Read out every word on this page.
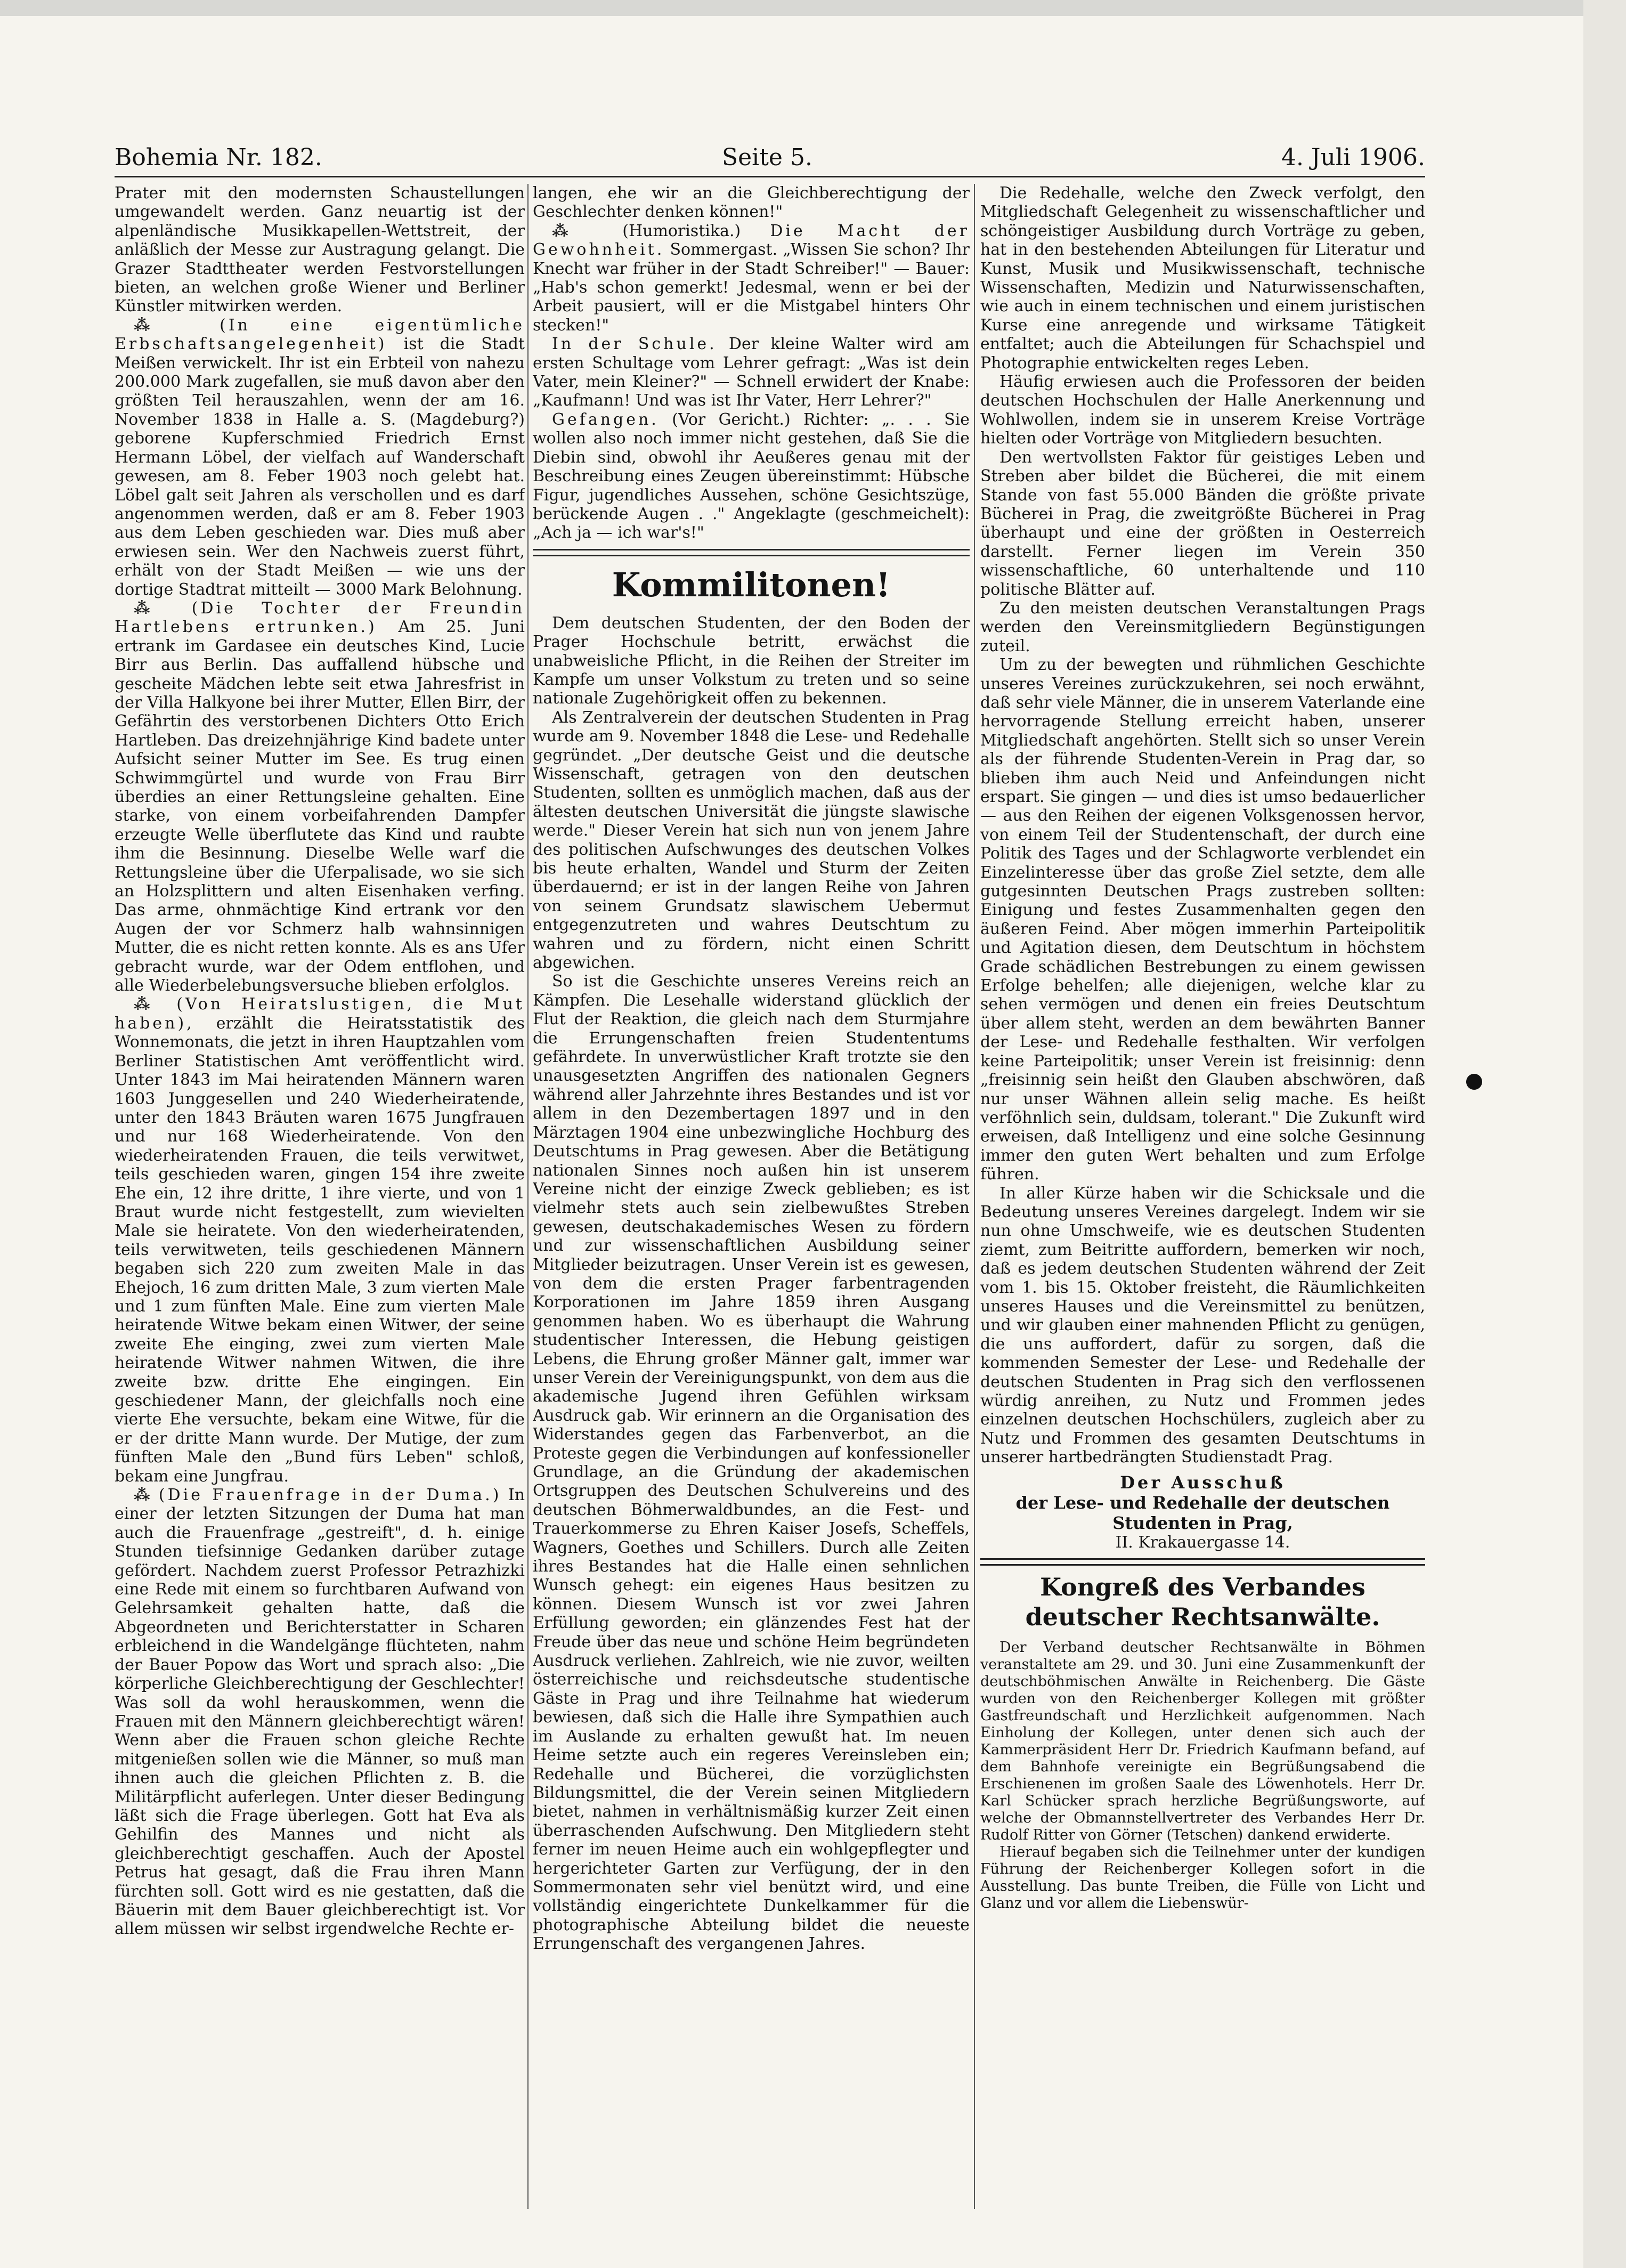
Bohemia Nr. 182.	Seite 5.	4. Juli 1906.

Prater mit den modernsten Schaustellungen umgewandelt werden. Ganz neuartig ist der alpenländische Musikkapellen-Wettstreit, der anläßlich der Messe zur Austragung gelangt. Die Grazer Stadttheater werden Festvorstellungen bieten, an welchen große Wiener und Berliner Künstler mitwirken werden.

⁂ (In eine eigentümliche Erbschaftsangelegenheit) ist die Stadt Meißen verwickelt. Ihr ist ein Erbteil von nahezu 200.000 Mark zugefallen, sie muß davon aber den größten Teil herauszahlen, wenn der am 16. November 1838 in Halle a. S. (Magdeburg?) geborene Kupferschmied Friedrich Ernst Hermann Löbel, der vielfach auf Wanderschaft gewesen, am 8. Feber 1903 noch gelebt hat. Löbel galt seit Jahren als verschollen und es darf angenommen werden, daß er am 8. Feber 1903 aus dem Leben geschieden war. Dies muß aber erwiesen sein. Wer den Nachweis zuerst führt, erhält von der Stadt Meißen — wie uns der dortige Stadtrat mitteilt — 3000 Mark Belohnung.

⁂ (Die Tochter der Freundin Hartlebens ertrunken.) Am 25. Juni ertrank im Gardasee ein deutsches Kind, Lucie Birr aus Berlin. Das auffallend hübsche und gescheite Mädchen lebte seit etwa Jahresfrist in der Villa Halkyone bei ihrer Mutter, Ellen Birr, der Gefährtin des verstorbenen Dichters Otto Erich Hartleben. Das dreizehnjährige Kind badete unter Aufsicht seiner Mutter im See. Es trug einen Schwimmgürtel und wurde von Frau Birr überdies an einer Rettungsleine gehalten. Eine starke, von einem vorbeifahrenden Dampfer erzeugte Welle überflutete das Kind und raubte ihm die Besinnung. Dieselbe Welle warf die Rettungsleine über die Uferpalisade, wo sie sich an Holzsplittern und alten Eisenhaken verfing. Das arme, ohnmächtige Kind ertrank vor den Augen der vor Schmerz halb wahnsinnigen Mutter, die es nicht retten konnte. Als es ans Ufer gebracht wurde, war der Odem entflohen, und alle Wiederbelebungsversuche blieben erfolglos.

⁂ (Von Heiratslustigen, die Mut haben), erzählt die Heiratsstatistik des Wonnemonats, die jetzt in ihren Hauptzahlen vom Berliner Statistischen Amt veröffentlicht wird. Unter 1843 im Mai heiratenden Männern waren 1603 Junggesellen und 240 Wiederheiratende, unter den 1843 Bräuten waren 1675 Jungfrauen und nur 168 Wiederheiratende. Von den wiederheiratenden Frauen, die teils verwitwet, teils geschieden waren, gingen 154 ihre zweite Ehe ein, 12 ihre dritte, 1 ihre vierte, und von 1 Braut wurde nicht festgestellt, zum wievielten Male sie heiratete. Von den wiederheiratenden, teils verwitweten, teils geschiedenen Männern begaben sich 220 zum zweiten Male in das Ehejoch, 16 zum dritten Male, 3 zum vierten Male und 1 zum fünften Male. Eine zum vierten Male heiratende Witwe bekam einen Witwer, der seine zweite Ehe einging, zwei zum vierten Male heiratende Witwer nahmen Witwen, die ihre zweite bzw. dritte Ehe eingingen. Ein geschiedener Mann, der gleichfalls noch eine vierte Ehe versuchte, bekam eine Witwe, für die er der dritte Mann wurde. Der Mutige, der zum fünften Male den „Bund fürs Leben" schloß, bekam eine Jungfrau.

⁂ (Die Frauenfrage in der Duma.) In einer der letzten Sitzungen der Duma hat man auch die Frauenfrage „gestreift", d. h. einige Stunden tiefsinnige Gedanken darüber zutage gefördert. Nachdem zuerst Professor Petrazhizki eine Rede mit einem so furchtbaren Aufwand von Gelehrsamkeit gehalten hatte, daß die Abgeordneten und Berichterstatter in Scharen erbleichend in die Wandelgänge flüchteten, nahm der Bauer Popow das Wort und sprach also: „Die körperliche Gleichberechtigung der Geschlechter! Was soll da wohl herauskommen, wenn die Frauen mit den Männern gleichberechtigt wären! Wenn aber die Frauen schon gleiche Rechte mitgenießen sollen wie die Männer, so muß man ihnen auch die gleichen Pflichten z. B. die Militärpflicht auferlegen. Unter dieser Bedingung läßt sich die Frage überlegen. Gott hat Eva als Gehilfin des Mannes und nicht als gleichberechtigt geschaffen. Auch der Apostel Petrus hat gesagt, daß die Frau ihren Mann fürchten soll. Gott wird es nie gestatten, daß die Bäuerin mit dem Bauer gleichberechtigt ist. Vor allem müssen wir selbst irgendwelche Rechte er-

langen, ehe wir an die Gleichberechtigung der Geschlechter denken können!"

⁂ (Humoristika.) Die Macht der Gewohnheit. Sommergast. „Wissen Sie schon? Ihr Knecht war früher in der Stadt Schreiber!" — Bauer: „Hab's schon gemerkt! Jedesmal, wenn er bei der Arbeit pausiert, will er die Mistgabel hinters Ohr stecken!"

In der Schule. Der kleine Walter wird am ersten Schultage vom Lehrer gefragt: „Was ist dein Vater, mein Kleiner?" — Schnell erwidert der Knabe: „Kaufmann! Und was ist Ihr Vater, Herr Lehrer?"

Gefangen. (Vor Gericht.) Richter: „. . . Sie wollen also noch immer nicht gestehen, daß Sie die Diebin sind, obwohl ihr Aeußeres genau mit der Beschreibung eines Zeugen übereinstimmt: Hübsche Figur, jugendliches Aussehen, schöne Gesichtszüge, berückende Augen . ." Angeklagte (geschmeichelt): „Ach ja — ich war's!"

Kommilitonen!

Dem deutschen Studenten, der den Boden der Prager Hochschule betritt, erwächst die unabweisliche Pflicht, in die Reihen der Streiter im Kampfe um unser Volkstum zu treten und so seine nationale Zugehörigkeit offen zu bekennen.

Als Zentralverein der deutschen Studenten in Prag wurde am 9. November 1848 die Lese- und Redehalle gegründet. „Der deutsche Geist und die deutsche Wissenschaft, getragen von den deutschen Studenten, sollten es unmöglich machen, daß aus der ältesten deutschen Universität die jüngste slawische werde." Dieser Verein hat sich nun von jenem Jahre des politischen Aufschwunges des deutschen Volkes bis heute erhalten, Wandel und Sturm der Zeiten überdauernd; er ist in der langen Reihe von Jahren von seinem Grundsatz slawischem Uebermut entgegenzutreten und wahres Deutschtum zu wahren und zu fördern, nicht einen Schritt abgewichen.

So ist die Geschichte unseres Vereins reich an Kämpfen. Die Lesehalle widerstand glücklich der Flut der Reaktion, die gleich nach dem Sturmjahre die Errungenschaften freien Studententums gefährdete. In unverwüstlicher Kraft trotzte sie den unausgesetzten Angriffen des nationalen Gegners während aller Jahrzehnte ihres Bestandes und ist vor allem in den Dezembertagen 1897 und in den Märztagen 1904 eine unbezwingliche Hochburg des Deutschtums in Prag gewesen. Aber die Betätigung nationalen Sinnes noch außen hin ist unserem Vereine nicht der einzige Zweck geblieben; es ist vielmehr stets auch sein zielbewußtes Streben gewesen, deutschakademisches Wesen zu fördern und zur wissenschaftlichen Ausbildung seiner Mitglieder beizutragen. Unser Verein ist es gewesen, von dem die ersten Prager farbentragenden Korporationen im Jahre 1859 ihren Ausgang genommen haben. Wo es überhaupt die Wahrung studentischer Interessen, die Hebung geistigen Lebens, die Ehrung großer Männer galt, immer war unser Verein der Vereinigungspunkt, von dem aus die akademische Jugend ihren Gefühlen wirksam Ausdruck gab. Wir erinnern an die Organisation des Widerstandes gegen das Farbenverbot, an die Proteste gegen die Verbindungen auf konfessioneller Grundlage, an die Gründung der akademischen Ortsgruppen des Deutschen Schulvereins und des deutschen Böhmerwaldbundes, an die Fest- und Trauerkommerse zu Ehren Kaiser Josefs, Scheffels, Wagners, Goethes und Schillers. Durch alle Zeiten ihres Bestandes hat die Halle einen sehnlichen Wunsch gehegt: ein eigenes Haus besitzen zu können. Diesem Wunsch ist vor zwei Jahren Erfüllung geworden; ein glänzendes Fest hat der Freude über das neue und schöne Heim begründeten Ausdruck verliehen. Zahlreich, wie nie zuvor, weilten österreichische und reichsdeutsche studentische Gäste in Prag und ihre Teilnahme hat wiederum bewiesen, daß sich die Halle ihre Sympathien auch im Auslande zu erhalten gewußt hat. Im neuen Heime setzte auch ein regeres Vereinsleben ein; Redehalle und Bücherei, die vorzüglichsten Bildungsmittel, die der Verein seinen Mitgliedern bietet, nahmen in verhältnismäßig kurzer Zeit einen überraschenden Aufschwung. Den Mitgliedern steht ferner im neuen Heime auch ein wohlgepflegter und hergerichteter Garten zur Verfügung, der in den Sommermonaten sehr viel benützt wird, und eine vollständig eingerichtete Dunkelkammer für die photographische Abteilung bildet die neueste Errungenschaft des vergangenen Jahres.

Die Redehalle, welche den Zweck verfolgt, den Mitgliedschaft Gelegenheit zu wissenschaftlicher und schöngeistiger Ausbildung durch Vorträge zu geben, hat in den bestehenden Abteilungen für Literatur und Kunst, Musik und Musikwissenschaft, technische Wissenschaften, Medizin und Naturwissenschaften, wie auch in einem technischen und einem juristischen Kurse eine anregende und wirksame Tätigkeit entfaltet; auch die Abteilungen für Schachspiel und Photographie entwickelten reges Leben.

Häufig erwiesen auch die Professoren der beiden deutschen Hochschulen der Halle Anerkennung und Wohlwollen, indem sie in unserem Kreise Vorträge hielten oder Vorträge von Mitgliedern besuchten.

Den wertvollsten Faktor für geistiges Leben und Streben aber bildet die Bücherei, die mit einem Stande von fast 55.000 Bänden die größte private Bücherei in Prag, die zweitgrößte Bücherei in Prag überhaupt und eine der größten in Oesterreich darstellt. Ferner liegen im Verein 350 wissenschaftliche, 60 unterhaltende und 110 politische Blätter auf.

Zu den meisten deutschen Veranstaltungen Prags werden den Vereinsmitgliedern Begünstigungen zuteil.

Um zu der bewegten und rühmlichen Geschichte unseres Vereines zurückzukehren, sei noch erwähnt, daß sehr viele Männer, die in unserem Vaterlande eine hervorragende Stellung erreicht haben, unserer Mitgliedschaft angehörten. Stellt sich so unser Verein als der führende Studenten-Verein in Prag dar, so blieben ihm auch Neid und Anfeindungen nicht erspart. Sie gingen — und dies ist umso bedauerlicher — aus den Reihen der eigenen Volksgenossen hervor, von einem Teil der Studentenschaft, der durch eine Politik des Tages und der Schlagworte verblendet ein Einzelinteresse über das große Ziel setzte, dem alle gutgesinnten Deutschen Prags zustreben sollten: Einigung und festes Zusammenhalten gegen den äußeren Feind. Aber mögen immerhin Parteipolitik und Agitation diesen, dem Deutschtum in höchstem Grade schädlichen Bestrebungen zu einem gewissen Erfolge behelfen; alle diejenigen, welche klar zu sehen vermögen und denen ein freies Deutschtum über allem steht, werden an dem bewährten Banner der Lese- und Redehalle festhalten. Wir verfolgen keine Parteipolitik; unser Verein ist freisinnig: denn „freisinnig sein heißt den Glauben abschwören, daß nur unser Wähnen allein selig mache. Es heißt verföhnlich sein, duldsam, tolerant." Die Zukunft wird erweisen, daß Intelligenz und eine solche Gesinnung immer den guten Wert behalten und zum Erfolge führen.

In aller Kürze haben wir die Schicksale und die Bedeutung unseres Vereines dargelegt. Indem wir sie nun ohne Umschweife, wie es deutschen Studenten ziemt, zum Beitritte auffordern, bemerken wir noch, daß es jedem deutschen Studenten während der Zeit vom 1. bis 15. Oktober freisteht, die Räumlichkeiten unseres Hauses und die Vereinsmittel zu benützen, und wir glauben einer mahnenden Pflicht zu genügen, die uns auffordert, dafür zu sorgen, daß die kommenden Semester der Lese- und Redehalle der deutschen Studenten in Prag sich den verflossenen würdig anreihen, zu Nutz und Frommen jedes einzelnen deutschen Hochschülers, zugleich aber zu Nutz und Frommen des gesamten Deutschtums in unserer hartbedrängten Studienstadt Prag.

Der Ausschuß

der Lese- und Redehalle der deutschen

Studenten in Prag,

II. Krakauergasse 14.

Kongreß des Verbandes deutscher Rechtsanwälte.

Der Verband deutscher Rechtsanwälte in Böhmen veranstaltete am 29. und 30. Juni eine Zusammenkunft der deutschböhmischen Anwälte in Reichenberg. Die Gäste wurden von den Reichenberger Kollegen mit größter Gastfreundschaft und Herzlichkeit aufgenommen. Nach Einholung der Kollegen, unter denen sich auch der Kammerpräsident Herr Dr. Friedrich Kaufmann befand, auf dem Bahnhofe vereinigte ein Begrüßungsabend die Erschienenen im großen Saale des Löwenhotels. Herr Dr. Karl Schücker sprach herzliche Begrüßungsworte, auf welche der Obmannstellvertreter des Verbandes Herr Dr. Rudolf Ritter von Görner (Tetschen) dankend erwiderte.

Hierauf begaben sich die Teilnehmer unter der kundigen Führung der Reichenberger Kollegen sofort in die Ausstellung. Das bunte Treiben, die Fülle von Licht und Glanz und vor allem die Liebenswür-
